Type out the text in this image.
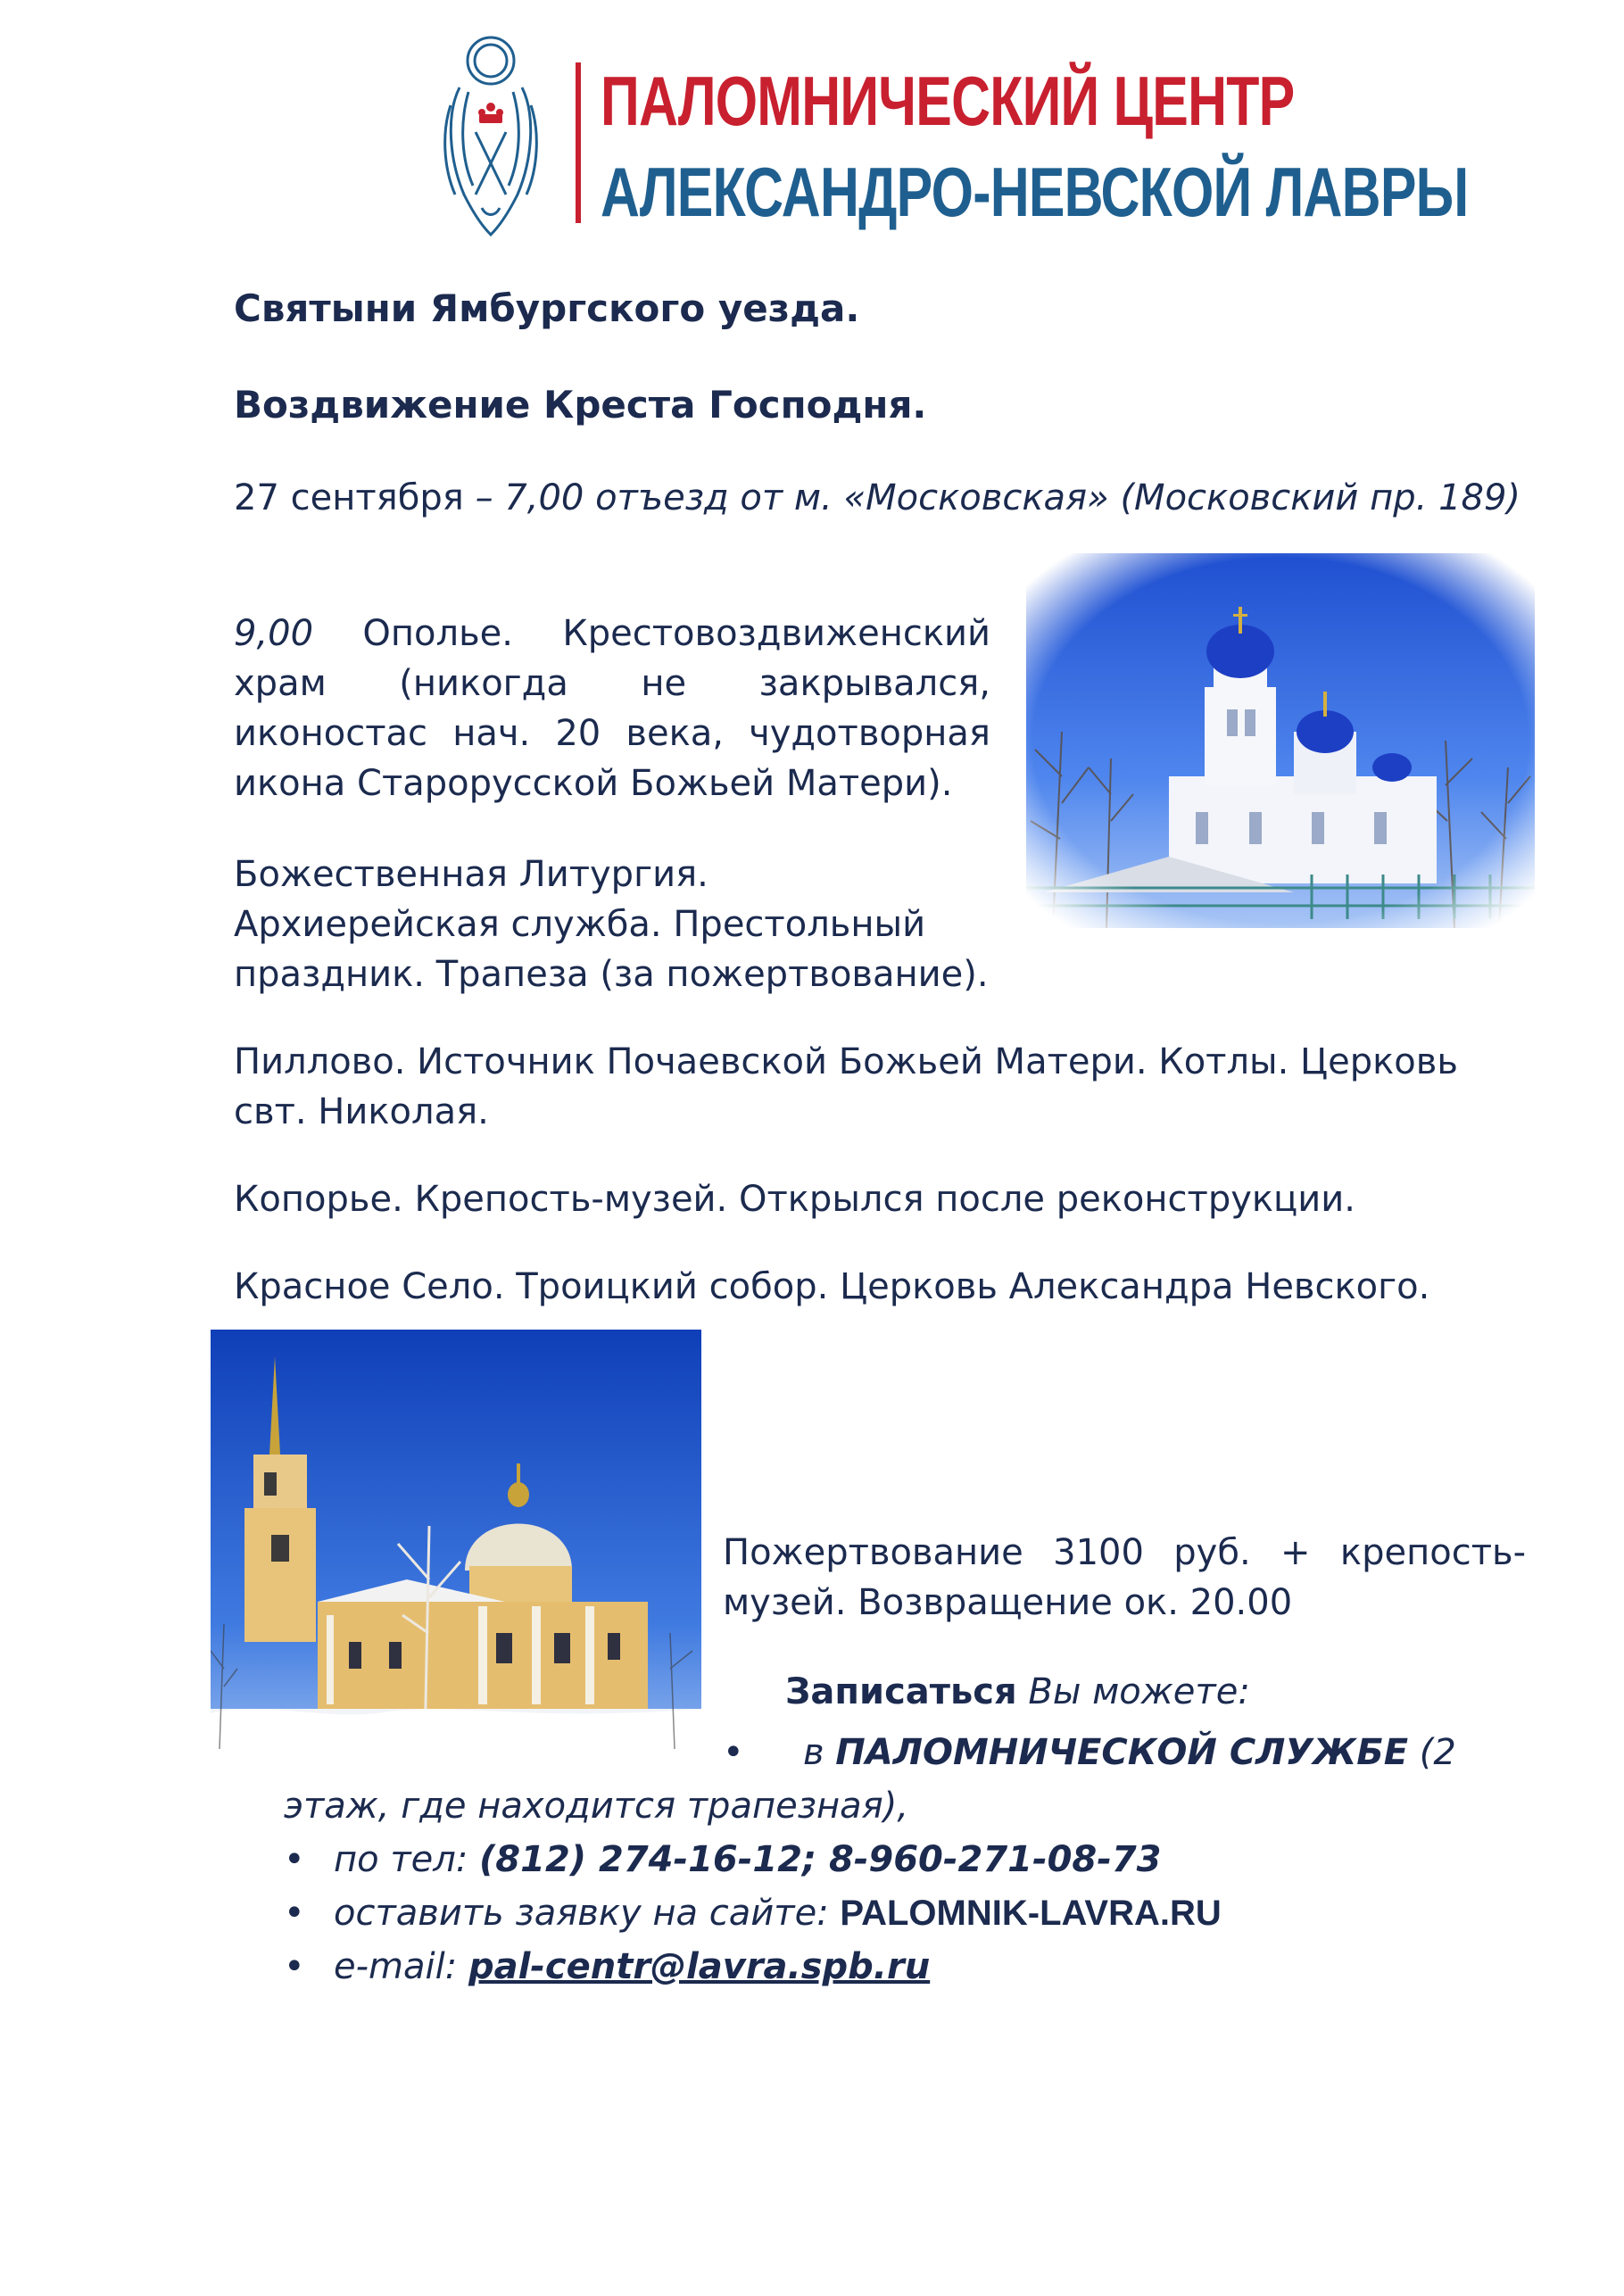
ПАЛОМНИЧЕСКИЙ ЦЕНТР
АЛЕКСАНДРО-НЕВСКОЙ ЛАВРЫ
Святыни Ямбургского уезда.
Воздвижение Креста Господня.
27 сентября – 7,00 отъезд от м. «Московская» (Московский пр. 189)
9,00 Ополье. Крестовоздвиженский храм (никогда не закрывался, иконостас нач. 20 века, чудотворная икона Старорусской Божьей Матери).
Божественная Литургия.
Архиерейская служба. Престольный
праздник. Трапеза (за пожертвование).
Пиллово. Источник Почаевской Божьей Матери. Котлы. Церковь свт. Николая.
Копорье. Крепость-музей. Открылся после реконструкции.
Красное Село. Троицкий собор. Церковь Александра Невского.
Пожертвование 3100 руб. + крепость-музей. Возвращение ок. 20.00
Записаться Вы можете:
• в ПАЛОМНИЧЕСКОЙ СЛУЖБЕ (2
этаж, где находится трапезная),
• по тел: (812) 274-16-12; 8-960-271-08-73
• оставить заявку на сайте: PALOMNIK-LAVRA.RU
• e-mail: pal-centr@lavra.spb.ru
